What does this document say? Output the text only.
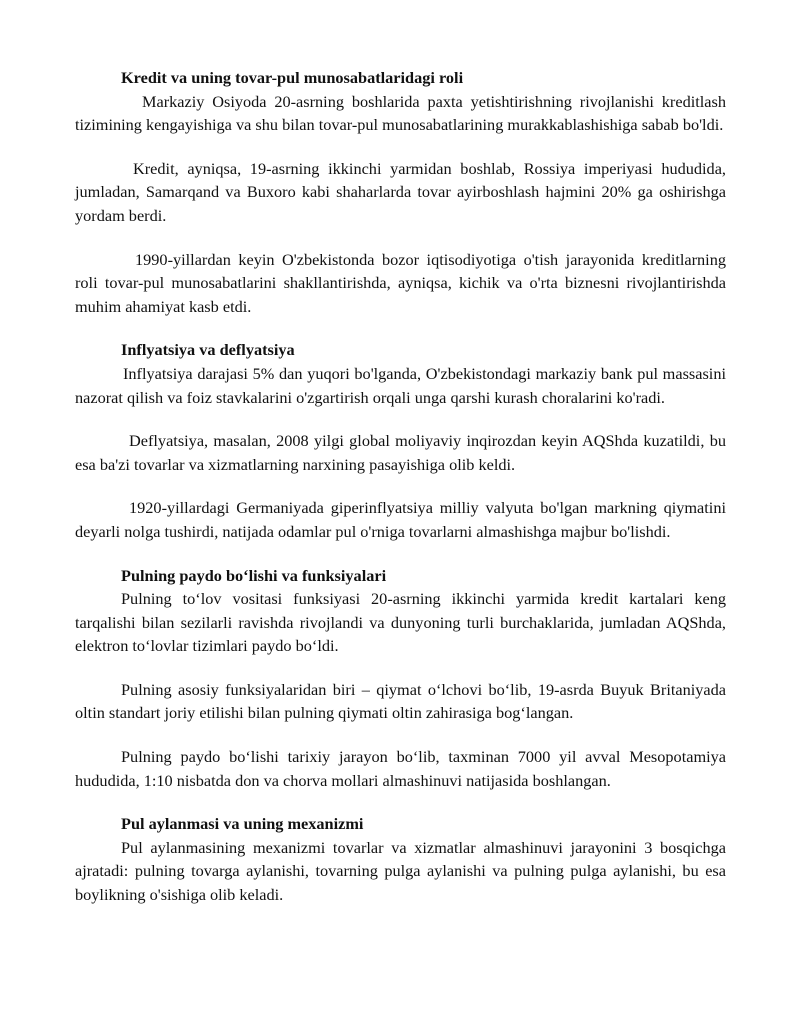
Kredit va uning tovar-pul munosabatlaridagi roli

Markaziy Osiyoda 20-asrning boshlarida paxta yetishtirishning rivojlanishi kreditlash tizimining kengayishiga va shu bilan tovar-pul munosabatlarining murakkablashishiga sabab bo'ldi.

Kredit, ayniqsa, 19-asrning ikkinchi yarmidan boshlab, Rossiya imperiyasi hududida, jumladan, Samarqand va Buxoro kabi shaharlarda tovar ayirboshlash hajmini 20% ga oshirishga yordam berdi.

1990-yillardan keyin O'zbekistonda bozor iqtisodiyotiga o'tish jarayonida kreditlarning roli tovar-pul munosabatlarini shakllantirishda, ayniqsa, kichik va o'rta biznesni rivojlantirishda muhim ahamiyat kasb etdi.

Inflyatsiya va deflyatsiya

Inflyatsiya darajasi 5% dan yuqori bo'lganda, O'zbekistondagi markaziy bank pul massasini nazorat qilish va foiz stavkalarini o'zgartirish orqali unga qarshi kurash choralarini ko'radi.

Deflyatsiya, masalan, 2008 yilgi global moliyaviy inqirozdan keyin AQShda kuzatildi, bu esa ba'zi tovarlar va xizmatlarning narxining pasayishiga olib keldi.

1920-yillardagi Germaniyada giperinflyatsiya milliy valyuta bo'lgan markning qiymatini deyarli nolga tushirdi, natijada odamlar pul o'rniga tovarlarni almashishga majbur bo'lishdi.

Pulning paydo bo‘lishi va funksiyalari

Pulning to‘lov vositasi funksiyasi 20-asrning ikkinchi yarmida kredit kartalari keng tarqalishi bilan sezilarli ravishda rivojlandi va dunyoning turli burchaklarida, jumladan AQShda, elektron to‘lovlar tizimlari paydo bo‘ldi.

Pulning asosiy funksiyalaridan biri – qiymat o‘lchovi bo‘lib, 19-asrda Buyuk Britaniyada oltin standart joriy etilishi bilan pulning qiymati oltin zahirasiga bog‘langan.

Pulning paydo bo‘lishi tarixiy jarayon bo‘lib, taxminan 7000 yil avval Mesopotamiya hududida, 1:10 nisbatda don va chorva mollari almashinuvi natijasida boshlangan.

Pul aylanmasi va uning mexanizmi

Pul aylanmasining mexanizmi tovarlar va xizmatlar almashinuvi jarayonini 3 bosqichga ajratadi: pulning tovarga aylanishi, tovarning pulga aylanishi va pulning pulga aylanishi, bu esa boylikning o'sishiga olib keladi.
